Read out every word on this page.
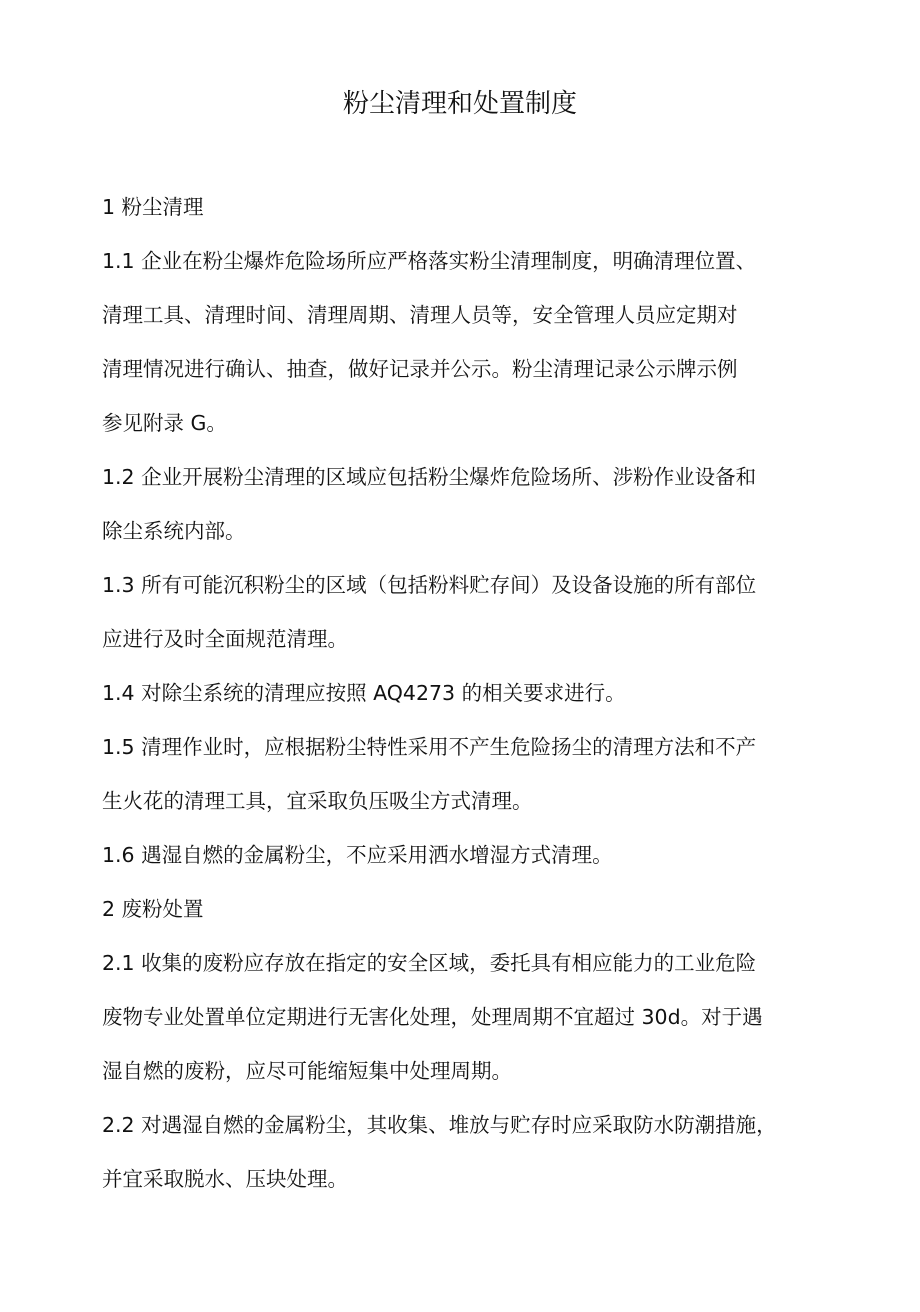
粉尘清理和处置制度
1 粉尘清理
1.1 企业在粉尘爆炸危险场所应严格落实粉尘清理制度，明确清理位置、
清理工具、清理时间、清理周期、清理人员等，安全管理人员应定期对
清理情况进行确认、抽查，做好记录并公示。粉尘清理记录公示牌示例
参见附录 G。
1.2 企业开展粉尘清理的区域应包括粉尘爆炸危险场所、涉粉作业设备和
除尘系统内部。
1.3 所有可能沉积粉尘的区域（包括粉料贮存间）及设备设施的所有部位
应进行及时全面规范清理。
1.4 对除尘系统的清理应按照 AQ4273 的相关要求进行。
1.5 清理作业时，应根据粉尘特性采用不产生危险扬尘的清理方法和不产
生火花的清理工具，宜采取负压吸尘方式清理。
1.6 遇湿自燃的金属粉尘，不应采用洒水增湿方式清理。
2 废粉处置
2.1 收集的废粉应存放在指定的安全区域，委托具有相应能力的工业危险
废物专业处置单位定期进行无害化处理，处理周期不宜超过 30d。对于遇
湿自燃的废粉，应尽可能缩短集中处理周期。
2.2 对遇湿自燃的金属粉尘，其收集、堆放与贮存时应采取防水防潮措施，
并宜采取脱水、压块处理。
